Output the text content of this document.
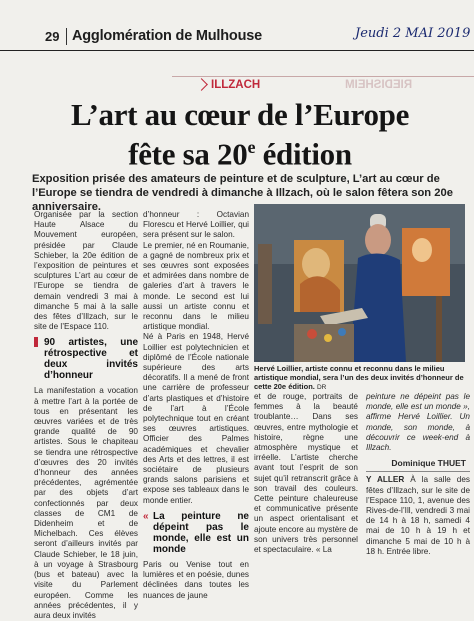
29 Agglomération de Mulhouse	Jeudi 2 MAI 2019
ILLZACH	RIEDISHEIM
L’art au cœur de l’Europe
fête sa 20e édition
Exposition prisée des amateurs de peinture et de sculpture, L’art au cœur de l’Europe se tiendra de vendredi à dimanche à Illzach, où le salon fêtera son 20e anniversaire.

Organisée par la section Haute Alsace du Mouvement européen, présidée par Claude Schieber, la 20e édition de l’exposition de peintures et sculptures L’art au cœur de l’Europe se tiendra de demain vendredi 3 mai à dimanche 5 mai à la salle des fêtes d’Illzach, sur le site de l’Espace 110.

90 artistes, une rétrospective et deux invités d’honneur

La manifestation a vocation à mettre l’art à la portée de tous en présentant les œuvres variées et de très grande qualité de 90 artistes. Sous le chapiteau se tiendra une rétrospective d’œuvres des 20 invités d’honneur des années précédentes, agrémentée par des objets d’art confectionnés par deux classes de CM1 de Didenheim et de Michelbach. Ces élèves seront d’ailleurs invités par Claude Schieber, le 18 juin, à un voyage à Strasbourg (bus et bateau) avec la visite du Parlement européen. Comme les années précédentes, il y aura deux invités

d’honneur : Octavian Florescu et Hervé Loillier, qui sera présent sur le salon.

Le premier, né en Roumanie, a gagné de nombreux prix et ses œuvres sont exposées et admirées dans nombre de galeries d’art à travers le monde. Le second est lui aussi un artiste connu et reconnu dans le milieu artistique mondial.

Né à Paris en 1948, Hervé Loillier est polytechnicien et diplômé de l’École nationale supérieure des arts décoratifs. Il a mené de front une carrière de professeur d’arts plastiques et d’histoire de l’art à l’École polytechnique tout en créant ses œuvres artistiques. Officier des Palmes académiques et chevalier des Arts et des lettres, il est sociétaire de plusieurs grands salons parisiens et expose ses tableaux dans le monde entier.

« La peinture ne dépeint pas le monde, elle est un monde

Paris ou Venise tout en lumières et en poésie, dunes déclinées dans toutes les nuances de jaune

Hervé Loillier, artiste connu et reconnu dans le milieu artistique mondial, sera l’un des deux invités d’honneur de cette 20e édition. DR

et de rouge, portraits de femmes à la beauté troublante… Dans ses œuvres, entre mythologie et histoire, règne une atmosphère mystique et irréelle. L’artiste cherche avant tout l’esprit de son sujet qu’il retranscrit grâce à son travail des couleurs. Cette peinture chaleureuse et communicative présente un aspect orientalisant et ajoute encore au mystère de son univers très personnel et spectaculaire. « La

peinture ne dépeint pas le monde, elle est un monde », affirme Hervé Loillier. Un monde, son monde, à découvrir ce week-end à Illzach.

Dominique THUET

Y ALLER À la salle des fêtes d’Illzach, sur le site de l’Espace 110, 1, avenue des Rives-de-l’Ill, vendredi 3 mai de 14 h à 18 h, samedi 4 mai de 10 h à 19 h et dimanche 5 mai de 10 h à 18 h. Entrée libre.
